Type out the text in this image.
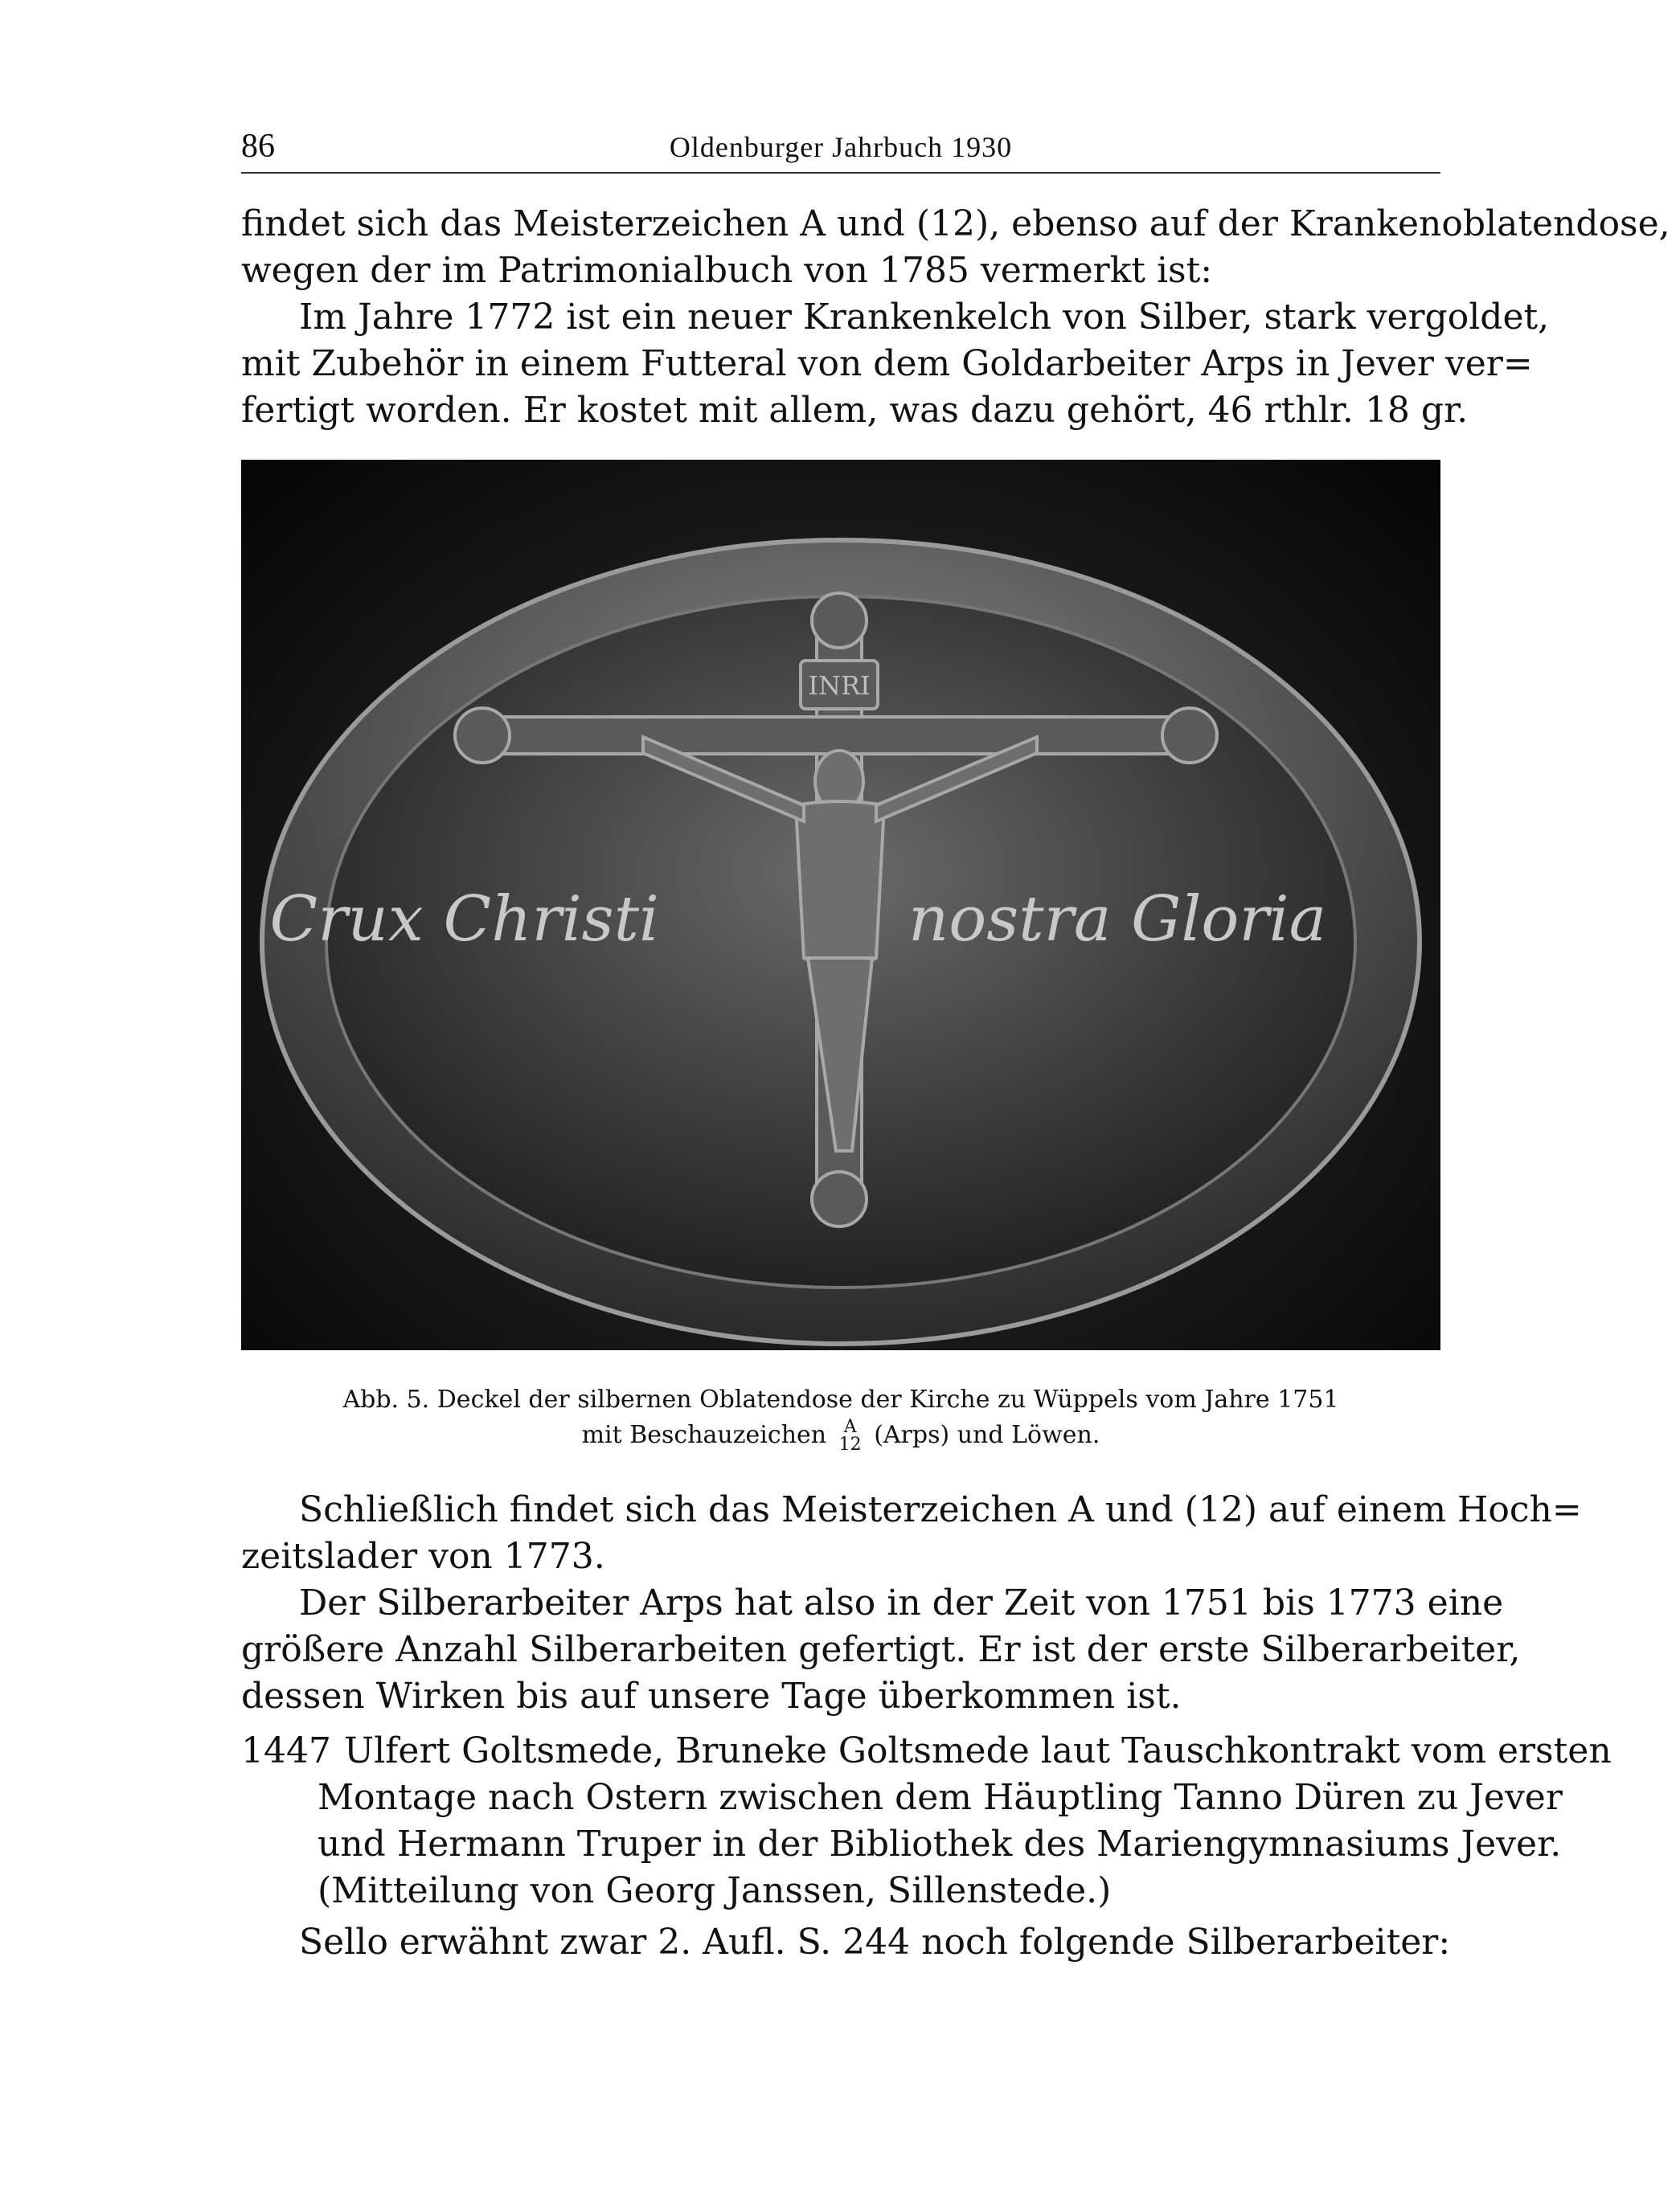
86	Oldenburger Jahrbuch 1930

findet sich das Meisterzeichen A und (12), ebenso auf der Krankenoblatendose,
wegen der im Patrimonialbuch von 1785 vermerkt ist:

Im Jahre 1772 ist ein neuer Krankenkelch von Silber, stark vergoldet,
mit Zubehör in einem Futteral von dem Goldarbeiter Arps in Jever ver=
fertigt worden. Er kostet mit allem, was dazu gehört, 46 rthlr. 18 gr.

Crux Christi	nostra Gloria
INRI
Abb. 5. Deckel der silbernen Oblatendose der Kirche zu Wüppels vom Jahre 1751
mit Beschauzeichen A
12 (Arps) und Löwen.

Schließlich findet sich das Meisterzeichen A und (12) auf einem Hoch=
zeitslader von 1773.

Der Silberarbeiter Arps hat also in der Zeit von 1751 bis 1773 eine
größere Anzahl Silberarbeiten gefertigt. Er ist der erste Silberarbeiter,
dessen Wirken bis auf unsere Tage überkommen ist.

1447 Ulfert Goltsmede, Bruneke Goltsmede laut Tauschkontrakt vom ersten
Montage nach Ostern zwischen dem Häuptling Tanno Düren zu Jever
und Hermann Truper in der Bibliothek des Mariengymnasiums Jever.
(Mitteilung von Georg Janssen, Sillenstede.)

Sello erwähnt zwar 2. Aufl. S. 244 noch folgende Silberarbeiter:
